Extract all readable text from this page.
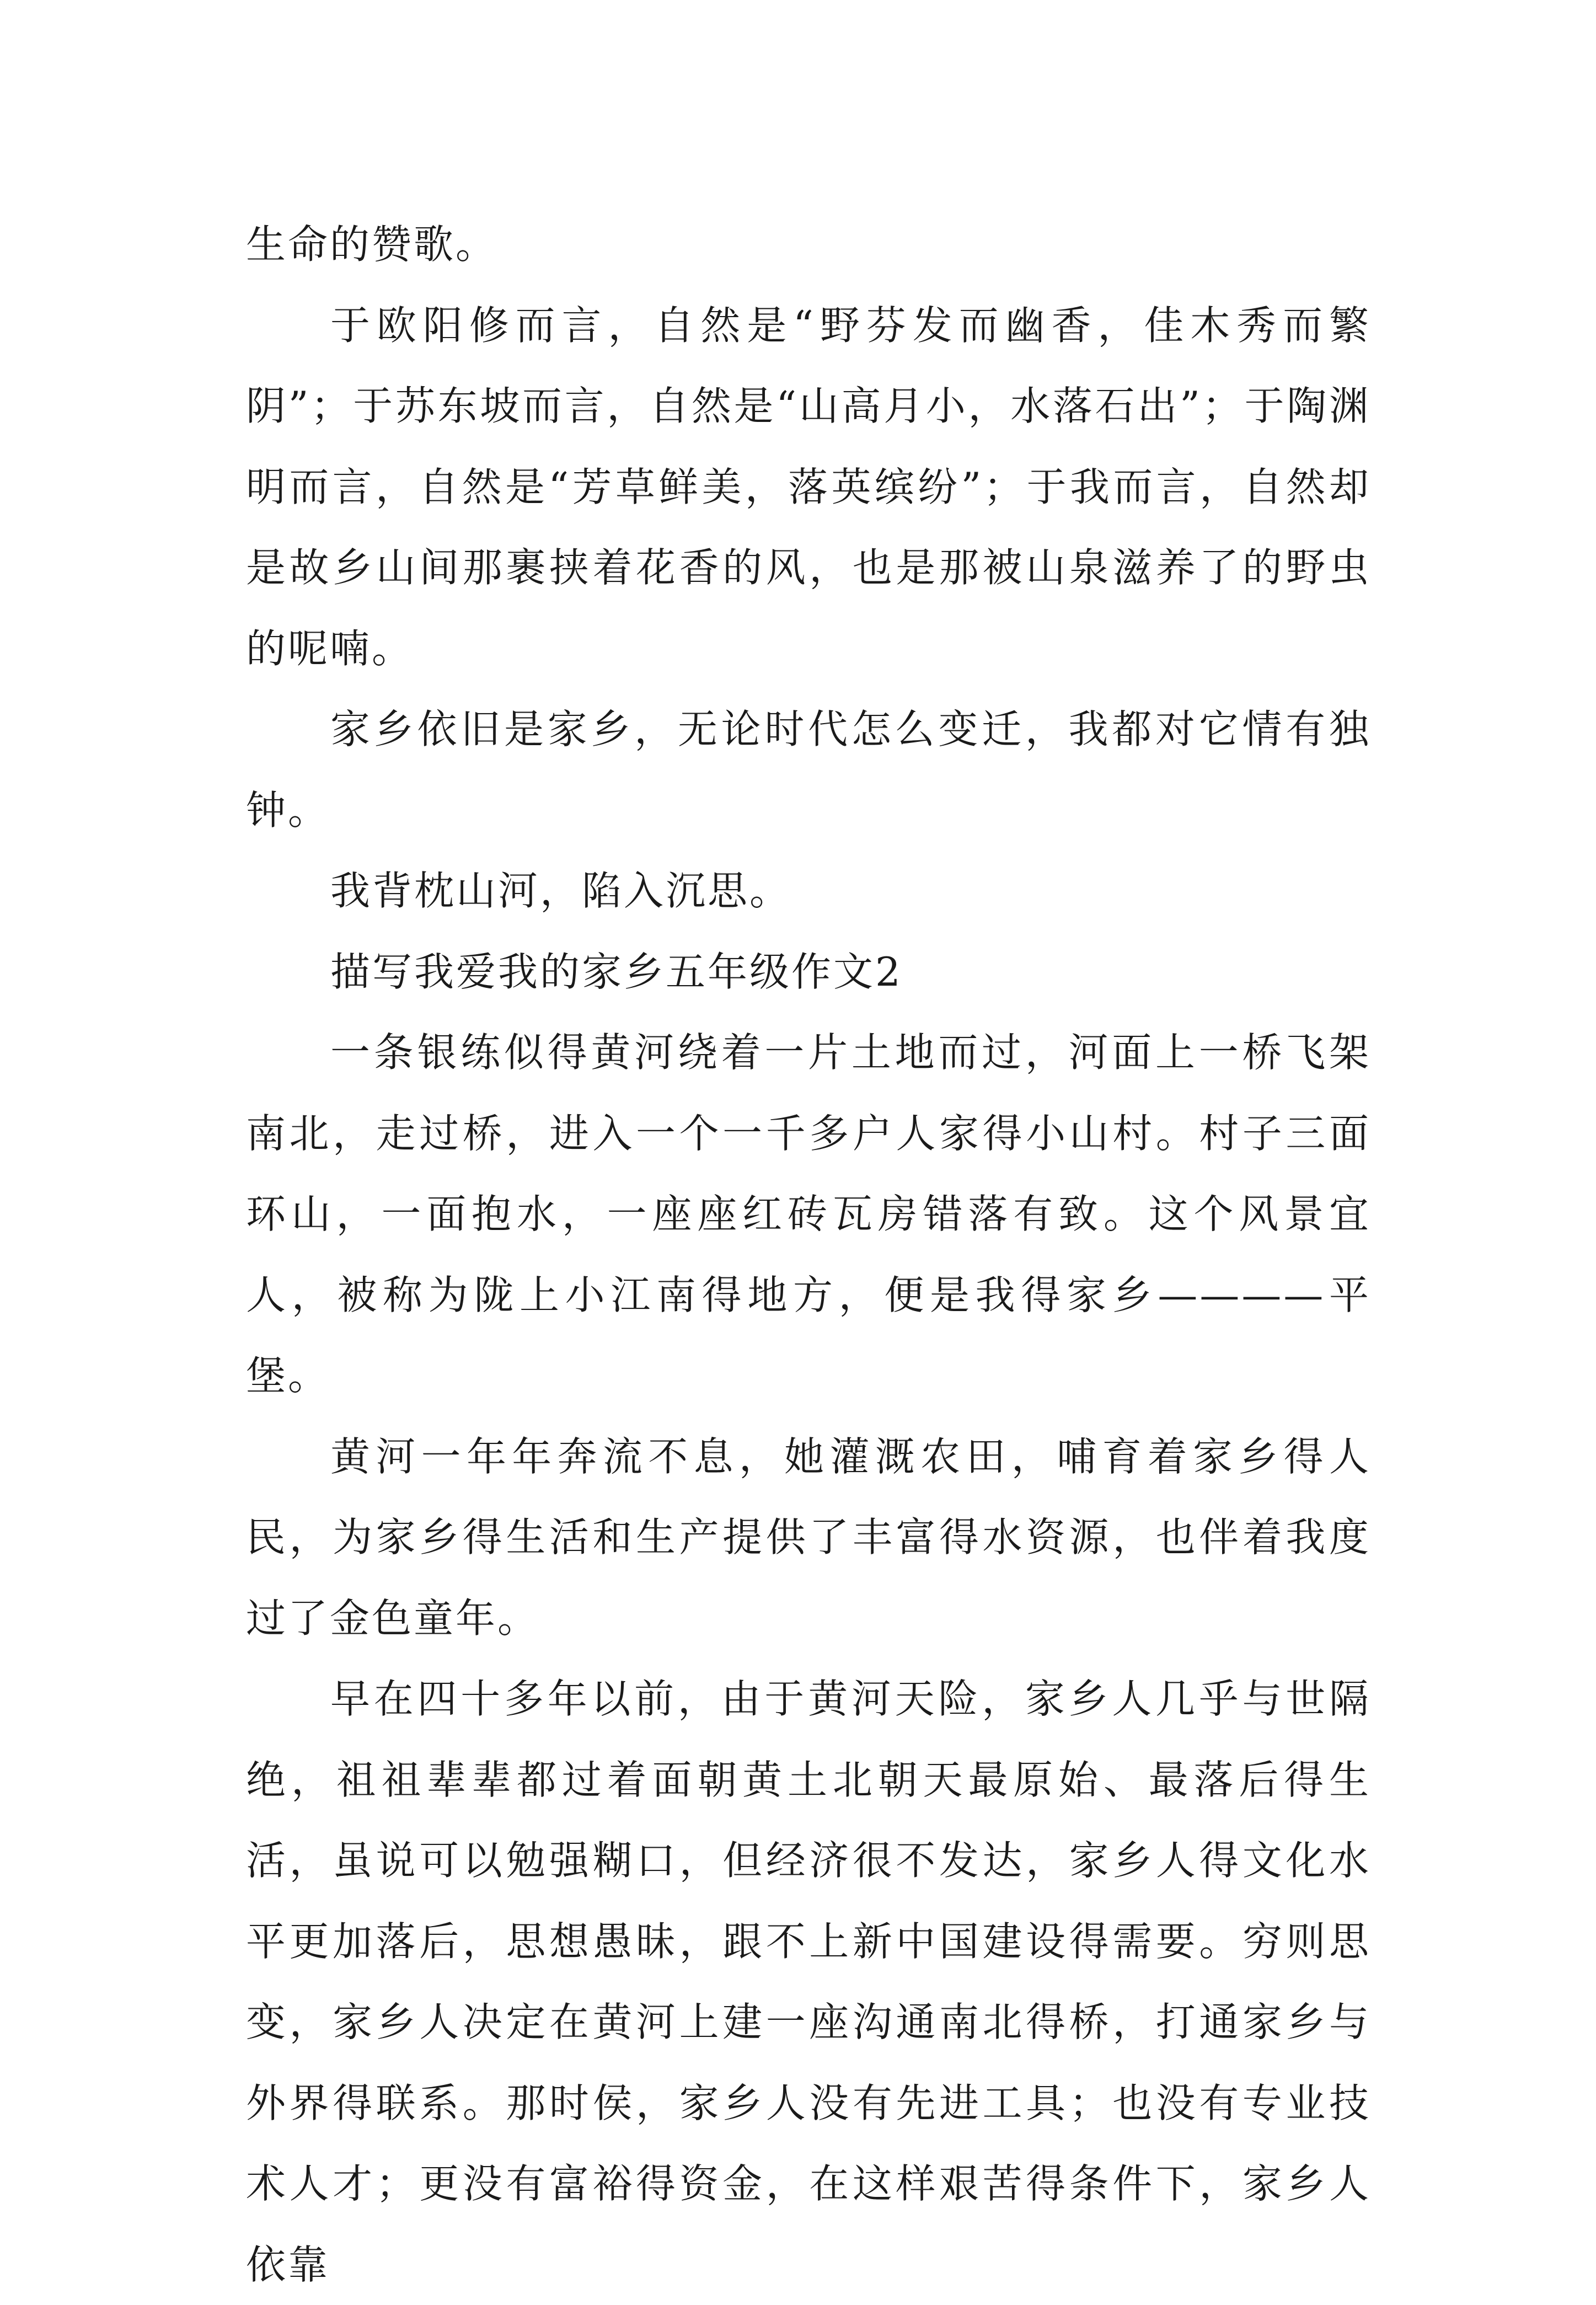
生命的赞歌。

于欧阳修而言，自然是“野芬发而幽香，佳木秀而繁阴”；于苏东坡而言，自然是“山高月小，水落石出”；于陶渊明而言，自然是“芳草鲜美，落英缤纷”；于我而言，自然却是故乡山间那裹挟着花香的风，也是那被山泉滋养了的野虫的呢喃。

家乡依旧是家乡，无论时代怎么变迁，我都对它情有独钟。

我背枕山河，陷入沉思。

描写我爱我的家乡五年级作文2

一条银练似得黄河绕着一片土地而过，河面上一桥飞架南北，走过桥，进入一个一千多户人家得小山村。村子三面环山，一面抱水，一座座红砖瓦房错落有致。这个风景宜人，被称为陇上小江南得地方，便是我得家乡————平堡。

黄河一年年奔流不息，她灌溉农田，哺育着家乡得人民，为家乡得生活和生产提供了丰富得水资源，也伴着我度过了金色童年。

早在四十多年以前，由于黄河天险，家乡人几乎与世隔绝，祖祖辈辈都过着面朝黄土北朝天最原始、最落后得生活，虽说可以勉强糊口，但经济很不发达，家乡人得文化水平更加落后，思想愚昧，跟不上新中国建设得需要。穷则思变，家乡人决定在黄河上建一座沟通南北得桥，打通家乡与外界得联系。那时侯，家乡人没有先进工具；也没有专业技术人才；更没有富裕得资金，在这样艰苦得条件下，家乡人依靠
